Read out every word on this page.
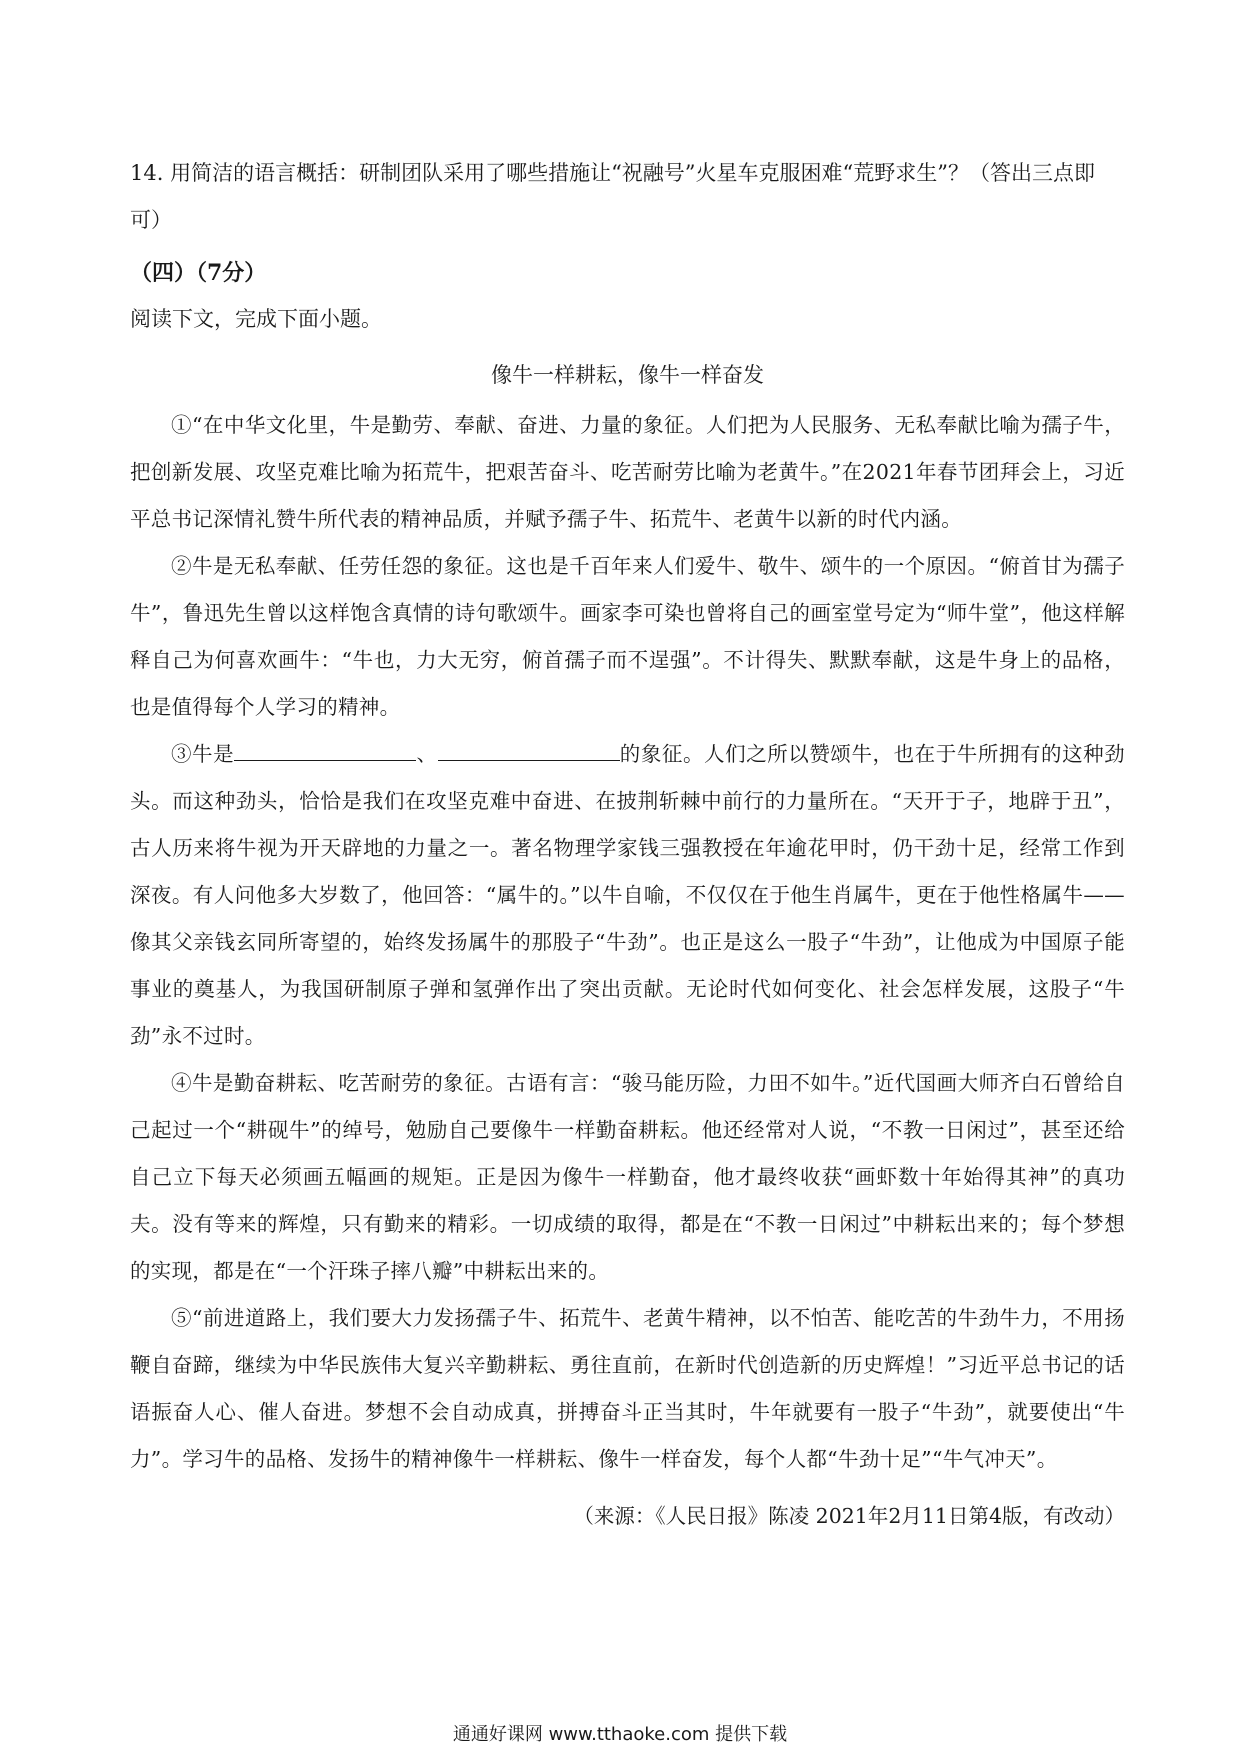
14. 用简洁的语言概括：研制团队采用了哪些措施让“祝融号”火星车克服困难“荒野求生”？（答出三点即可）

（四）（7分）

阅读下文，完成下面小题。

像牛一样耕耘，像牛一样奋发

①“在中华文化里，牛是勤劳、奉献、奋进、力量的象征。人们把为人民服务、无私奉献比喻为孺子牛，把创新发展、攻坚克难比喻为拓荒牛，把艰苦奋斗、吃苦耐劳比喻为老黄牛。”在2021年春节团拜会上，习近平总书记深情礼赞牛所代表的精神品质，并赋予孺子牛、拓荒牛、老黄牛以新的时代内涵。

②牛是无私奉献、任劳任怨的象征。这也是千百年来人们爱牛、敬牛、颂牛的一个原因。“俯首甘为孺子牛”，鲁迅先生曾以这样饱含真情的诗句歌颂牛。画家李可染也曾将自己的画室堂号定为“师牛堂”，他这样解释自己为何喜欢画牛：“牛也，力大无穷，俯首孺子而不逞强”。不计得失、默默奉献，这是牛身上的品格，也是值得每个人学习的精神。

③牛是	、	的象征。人们之所以赞颂牛，也在于牛所拥有的这种劲头。而这种劲头，恰恰是我们在攻坚克难中奋进、在披荆斩棘中前行的力量所在。“天开于子，地辟于丑”，古人历来将牛视为开天辟地的力量之一。著名物理学家钱三强教授在年逾花甲时，仍干劲十足，经常工作到深夜。有人问他多大岁数了，他回答：“属牛的。”以牛自喻，不仅仅在于他生肖属牛，更在于他性格属牛——像其父亲钱玄同所寄望的，始终发扬属牛的那股子“牛劲”。也正是这么一股子“牛劲”，让他成为中国原子能事业的奠基人，为我国研制原子弹和氢弹作出了突出贡献。无论时代如何变化、社会怎样发展，这股子“牛劲”永不过时。

④牛是勤奋耕耘、吃苦耐劳的象征。古语有言：“骏马能历险，力田不如牛。”近代国画大师齐白石曾给自己起过一个“耕砚牛”的绰号，勉励自己要像牛一样勤奋耕耘。他还经常对人说，“不教一日闲过”，甚至还给自己立下每天必须画五幅画的规矩。正是因为像牛一样勤奋，他才最终收获“画虾数十年始得其神”的真功夫。没有等来的辉煌，只有勤来的精彩。一切成绩的取得，都是在“不教一日闲过”中耕耘出来的；每个梦想的实现，都是在“一个汗珠子摔八瓣”中耕耘出来的。

⑤“前进道路上，我们要大力发扬孺子牛、拓荒牛、老黄牛精神，以不怕苦、能吃苦的牛劲牛力，不用扬鞭自奋蹄，继续为中华民族伟大复兴辛勤耕耘、勇往直前，在新时代创造新的历史辉煌！”习近平总书记的话语振奋人心、催人奋进。梦想不会自动成真，拼搏奋斗正当其时，牛年就要有一股子“牛劲”，就要使出“牛力”。学习牛的品格、发扬牛的精神像牛一样耕耘、像牛一样奋发，每个人都“牛劲十足”“牛气冲天”。

（来源：《人民日报》陈凌 2021年2月11日第4版，有改动）
通通好课网 www.tthaoke.com 提供下载
